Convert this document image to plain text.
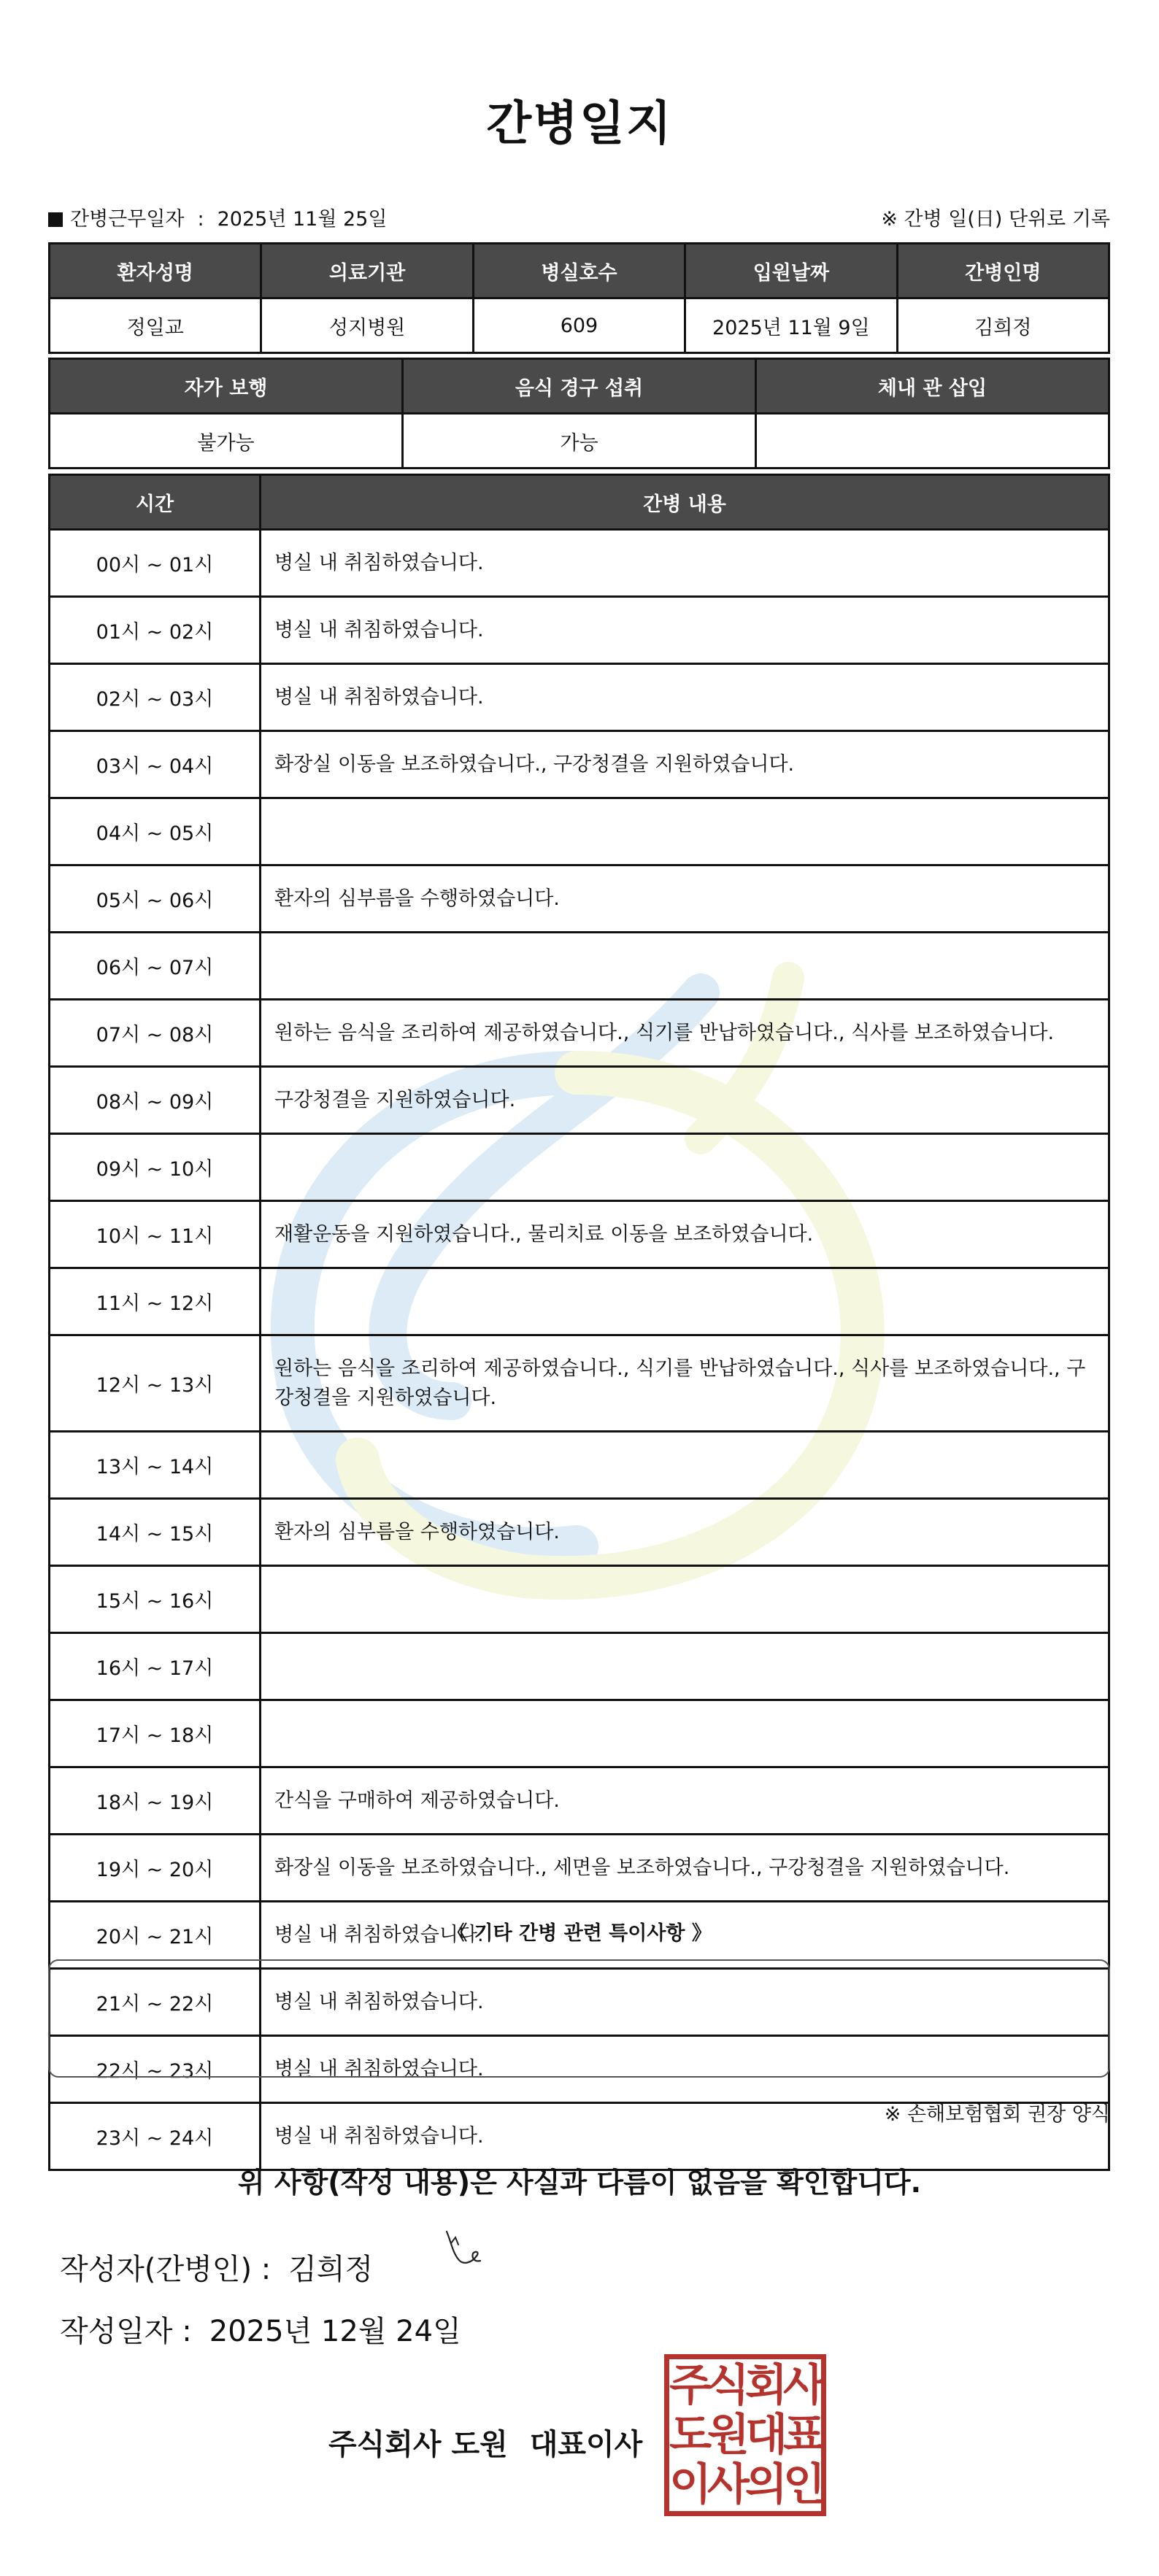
간병일지
간병근무일자 : 2025년 11월 25일	※ 간병 일(日) 단위로 기록
환자성명	의료기관	병실호수	입원날짜	간병인명
정일교	성지병원	609	2025년 11월 9일	김희정
자가 보행	음식 경구 섭취	체내 관 삽입
불가능	가능	
시간	간병 내용
00시 ~ 01시	병실 내 취침하였습니다.
01시 ~ 02시	병실 내 취침하였습니다.
02시 ~ 03시	병실 내 취침하였습니다.
03시 ~ 04시	화장실 이동을 보조하였습니다., 구강청결을 지원하였습니다.
04시 ~ 05시	
05시 ~ 06시	환자의 심부름을 수행하였습니다.
06시 ~ 07시	
07시 ~ 08시	원하는 음식을 조리하여 제공하였습니다., 식기를 반납하였습니다., 식사를 보조하였습니다.
08시 ~ 09시	구강청결을 지원하였습니다.
09시 ~ 10시	
10시 ~ 11시	재활운동을 지원하였습니다., 물리치료 이동을 보조하였습니다.
11시 ~ 12시	
12시 ~ 13시	원하는 음식을 조리하여 제공하였습니다., 식기를 반납하였습니다., 식사를 보조하였습니다., 구강청결을 지원하였습니다.
13시 ~ 14시	
14시 ~ 15시	환자의 심부름을 수행하였습니다.
15시 ~ 16시	
16시 ~ 17시	
17시 ~ 18시	
18시 ~ 19시	간식을 구매하여 제공하였습니다.
19시 ~ 20시	화장실 이동을 보조하였습니다., 세면을 보조하였습니다., 구강청결을 지원하였습니다.
20시 ~ 21시	병실 내 취침하였습니다.
21시 ~ 22시	병실 내 취침하였습니다.
22시 ~ 23시	병실 내 취침하였습니다.
23시 ~ 24시	병실 내 취침하였습니다.
《 기타 간병 관련 특이사항 》
※ 손해보험협회 권장 양식
위 사항(작성 내용)은 사실과 다름이 없음을 확인합니다.
작성자(간병인) : 김희정
작성일자 : 2025년 12월 24일
주식회사 도원 대표이사
주식회사
도원대표
이사의인
